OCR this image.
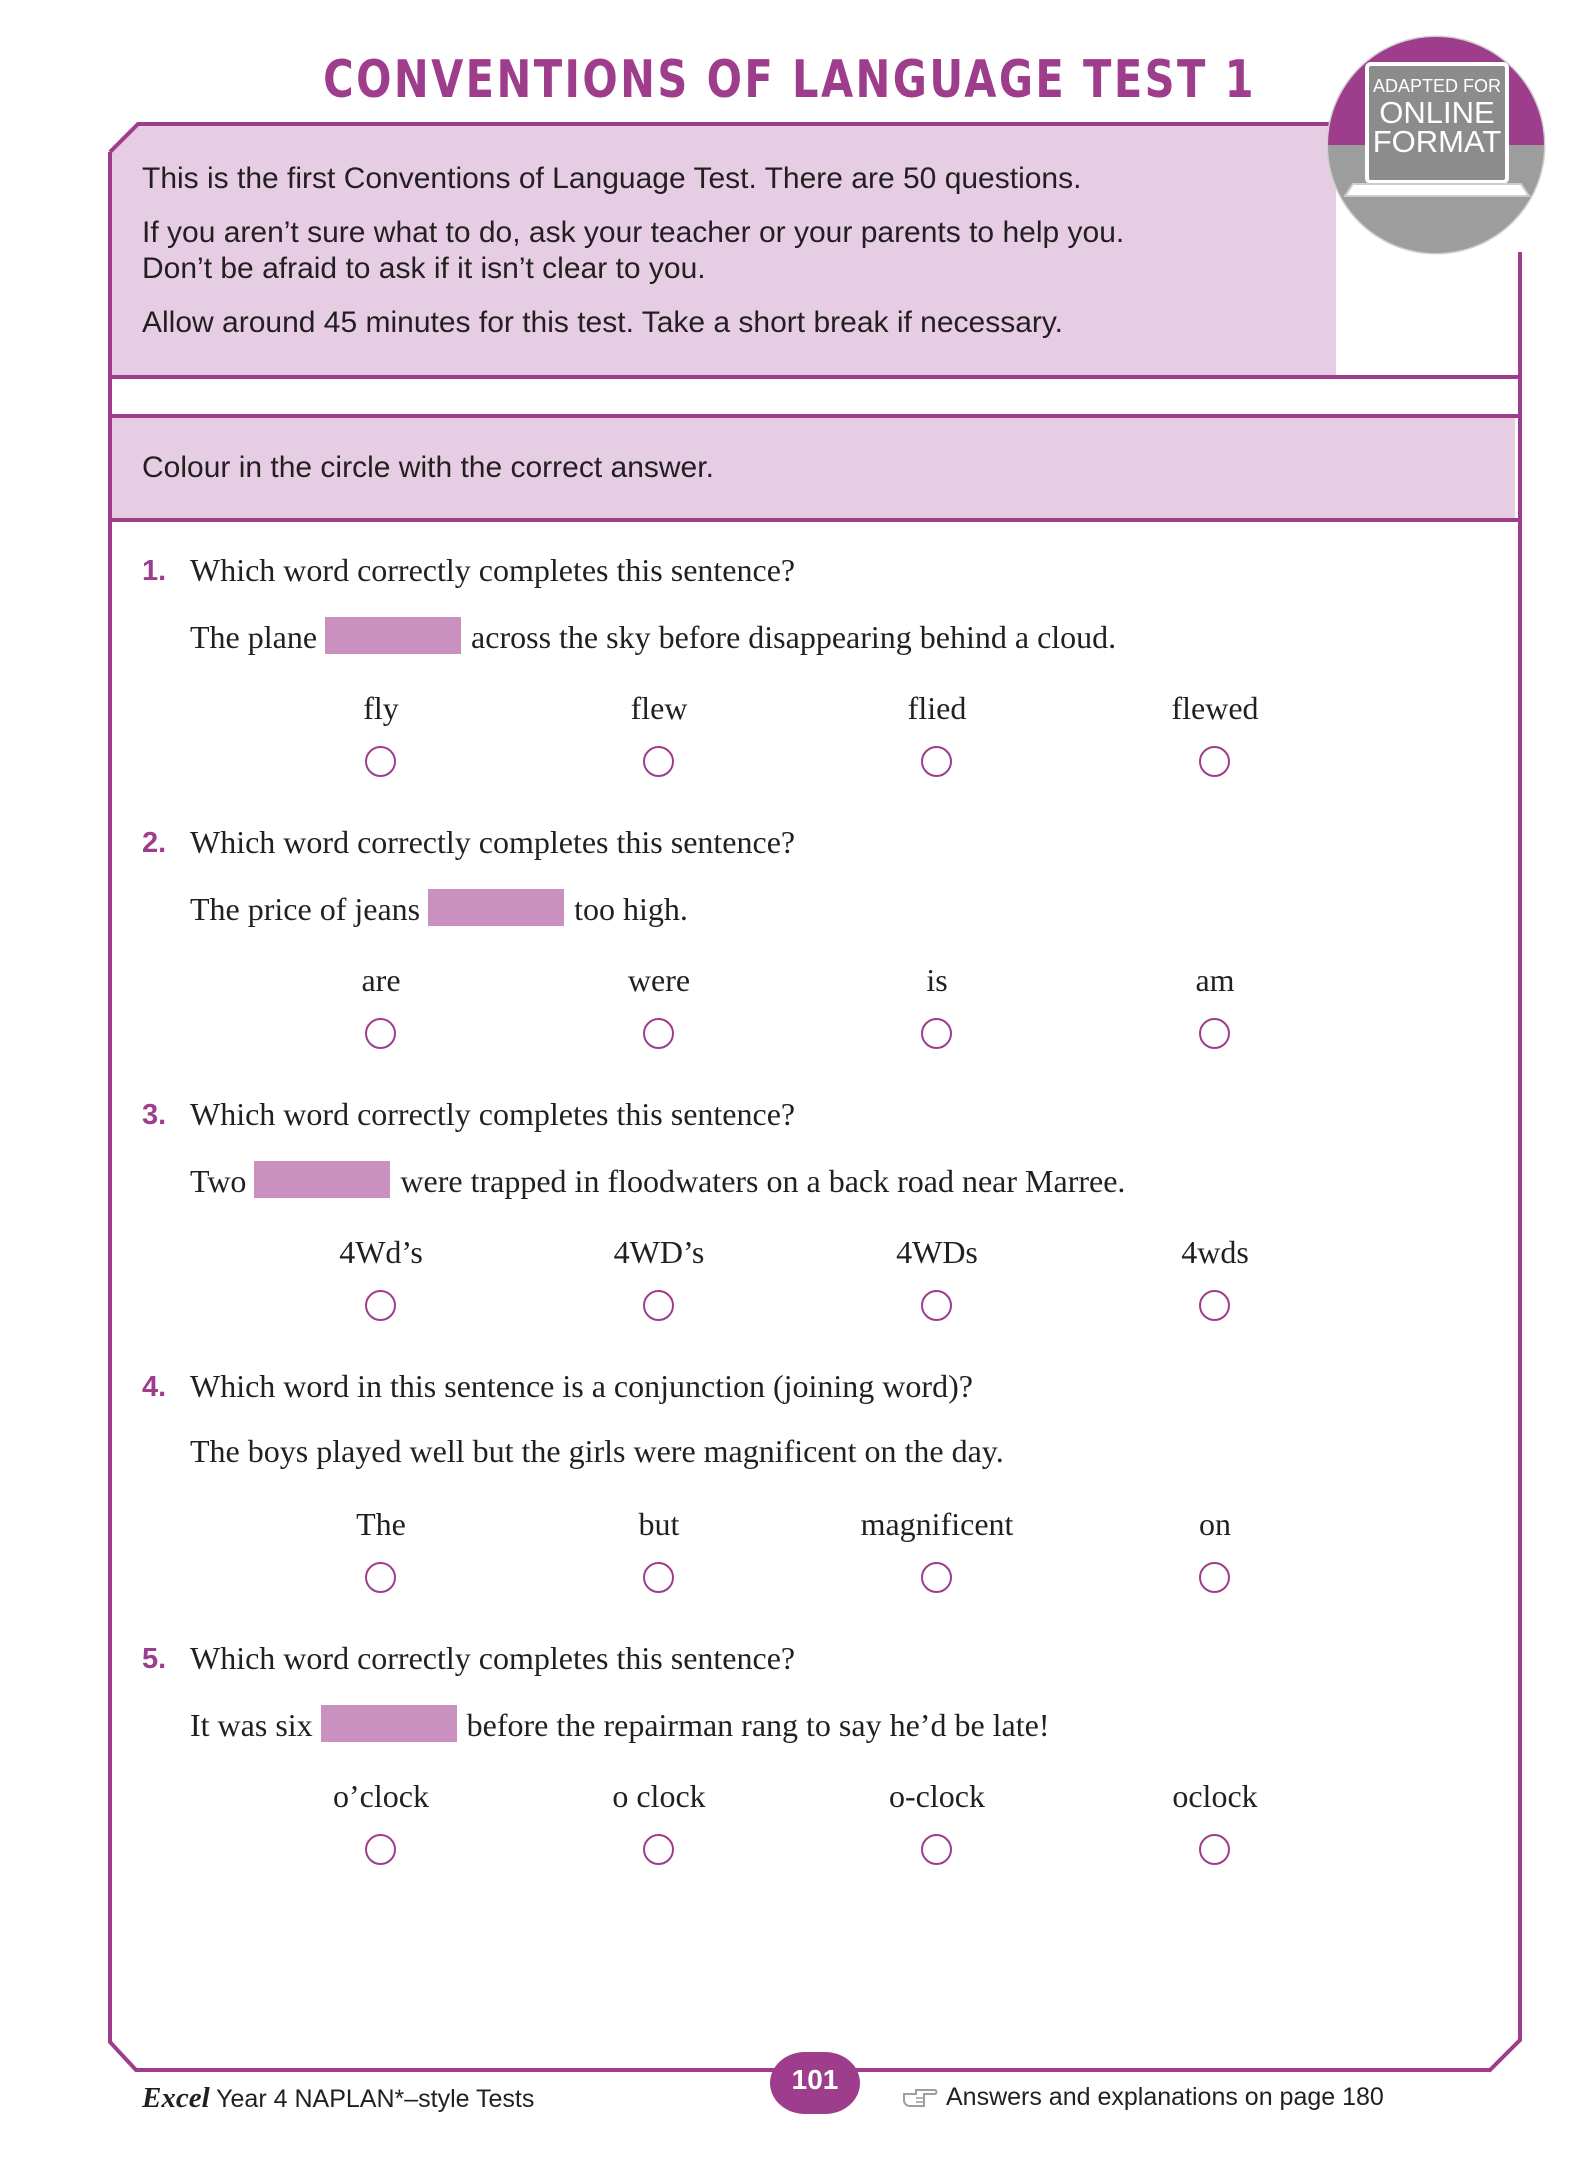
CONVENTIONS OF LANGUAGE TEST 1	ADAPTED FOR
ONLINE
FORMAT
This is the first Conventions of Language Test. There are 50 questions.
If you aren’t sure what to do, ask your teacher or your parents to help you.
Don’t be afraid to ask if it isn’t clear to you.
Allow around 45 minutes for this test. Take a short break if necessary.
Colour in the circle with the correct answer.
1. Which word correctly completes this sentence?
The plane	across the sky before disappearing behind a cloud.
fly	flew	flied	flewed
2. Which word correctly completes this sentence?
The price of jeans	too high.
are	were	is	am
3. Which word correctly completes this sentence?
Two	were trapped in floodwaters on a back road near Marree.
4Wd’s	4WD’s	4WDs	4wds
4. Which word in this sentence is a conjunction (joining word)?
The boys played well but the girls were magnificent on the day.
The	but	magnificent	on
5. Which word correctly completes this sentence?
It was six	before the repairman rang to say he’d be late!
o’clock	o clock	o-clock	oclock
Excel Year 4 NAPLAN*–style Tests
101
Answers and explanations on page 180
